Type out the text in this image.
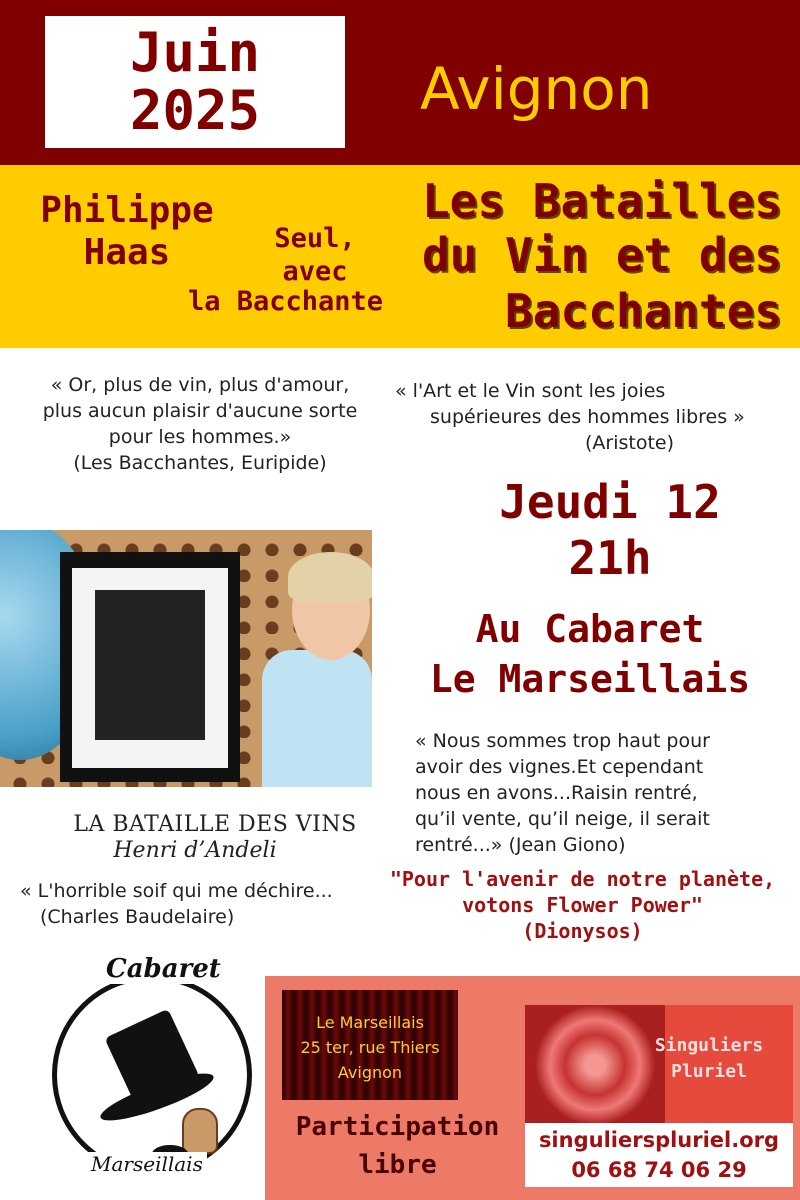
Juin
2025	Avignon
Philippe
Haas	Seul,
avec
la Bacchante
Les Batailles
du Vin et des
Bacchantes
« Or, plus de vin, plus d'amour,
plus aucun plaisir d'aucune sorte
pour les hommes.»
(Les Bacchantes, Euripide)
« l'Art et le Vin sont les joies
supérieures des hommes libres »
(Aristote)
Jeudi 12
21h
Au Cabaret
Le Marseillais
LA BATAILLE DES VINS
Henri d’Andeli
« Nous sommes trop haut pour
avoir des vignes.Et cependant
nous en avons...Raisin rentré,
qu’il vente, qu’il neige, il serait
rentré...» (Jean Giono)
« L'horrible soif qui me déchire...
(Charles Baudelaire)
"Pour l'avenir de notre planète,
votons Flower Power"
(Dionysos)
Cabaret
Marseillais
Le Marseillais
25 ter, rue Thiers
Avignon
Participation
libre
Singuliers
Pluriel
singulierspluriel.org
06 68 74 06 29
